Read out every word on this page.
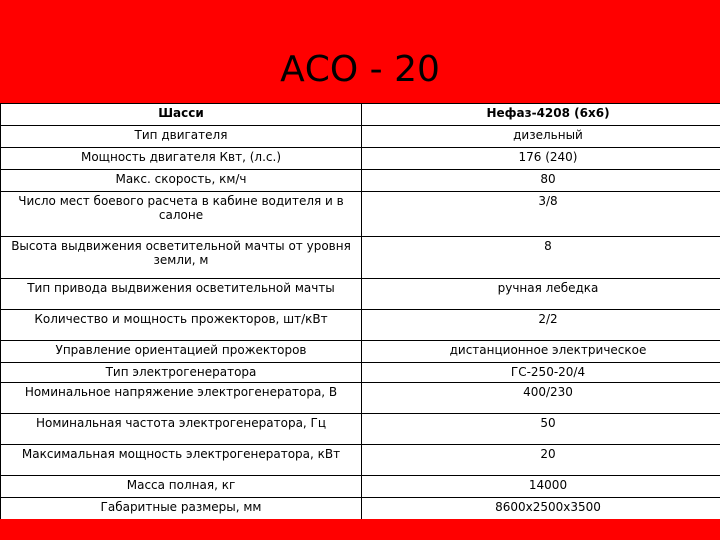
АСО - 20
Шасси	Нефаз-4208 (6х6)
Тип двигателя	дизельный
Мощность двигателя Квт, (л.с.)	176 (240)
Макс. скорость, км/ч	80
Число мест боевого расчета в кабине водителя и в салоне	3/8
Высота выдвижения осветительной мачты от уровня земли, м	8
Тип привода выдвижения осветительной мачты	ручная лебедка
Количество и мощность прожекторов, шт/кВт	2/2
Управление ориентацией прожекторов	дистанционное электрическое
Тип электрогенератора	ГС-250-20/4
Номинальное напряжение электрогенератора, В	400/230
Номинальная частота электрогенератора, Гц	50
Максимальная мощность электрогенератора, кВт	20
Масса полная, кг	14000
Габаритные размеры, мм	8600х2500х3500
